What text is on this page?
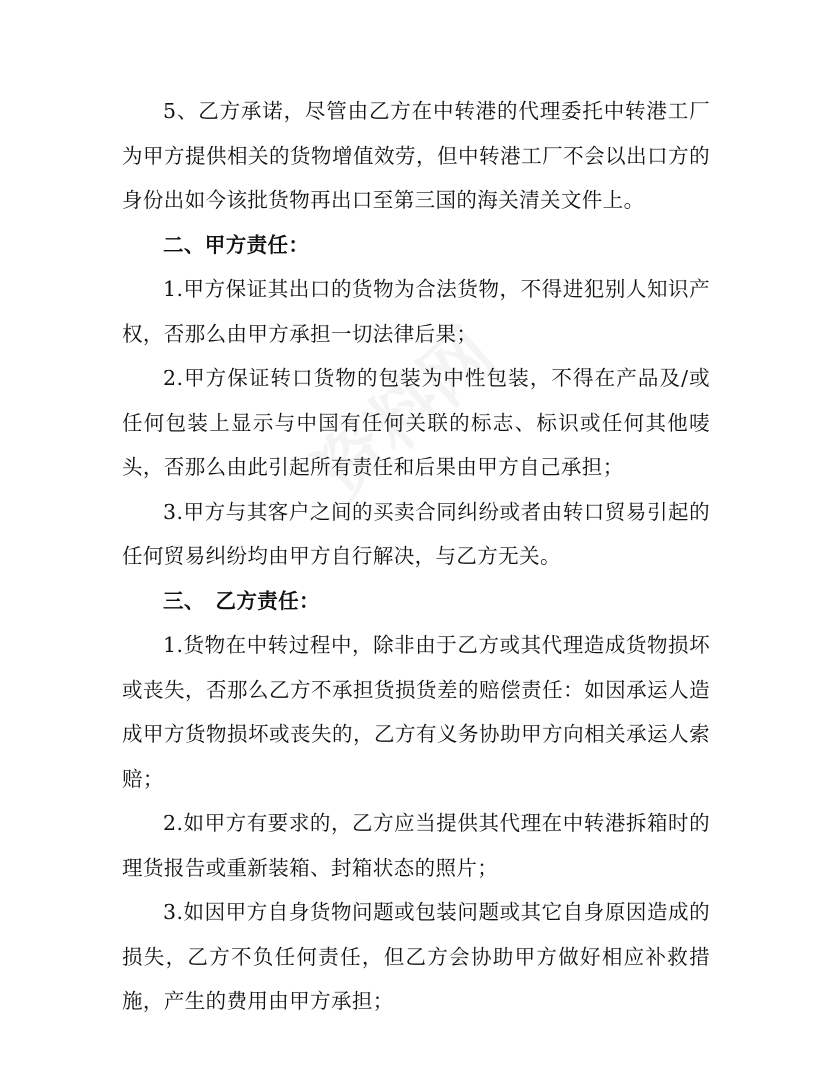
5、乙方承诺，尽管由乙方在中转港的代理委托中转港工厂为甲方提供相关的货物增值效劳，但中转港工厂不会以出口方的身份出如今该批货物再出口至第三国的海关清关文件上。

二、甲方责任：

1.甲方保证其出口的货物为合法货物，不得进犯别人知识产权，否那么由甲方承担一切法律后果；

2.甲方保证转口货物的包装为中性包装，不得在产品及/或任何包装上显示与中国有任何关联的标志、标识或任何其他唛头，否那么由此引起所有责任和后果由甲方自己承担；

3.甲方与其客户之间的买卖合同纠纷或者由转口贸易引起的任何贸易纠纷均由甲方自行解决，与乙方无关。

三、　乙方责任：

1.货物在中转过程中，除非由于乙方或其代理造成货物损坏或丧失，否那么乙方不承担货损货差的赔偿责任：如因承运人造成甲方货物损坏或丧失的，乙方有义务协助甲方向相关承运人索赔；

2.如甲方有要求的，乙方应当提供其代理在中转港拆箱时的理货报告或重新装箱、封箱状态的照片；

3.如因甲方自身货物问题或包装问题或其它自身原因造成的损失，乙方不负任何责任，但乙方会协助甲方做好相应补救措施，产生的费用由甲方承担；
